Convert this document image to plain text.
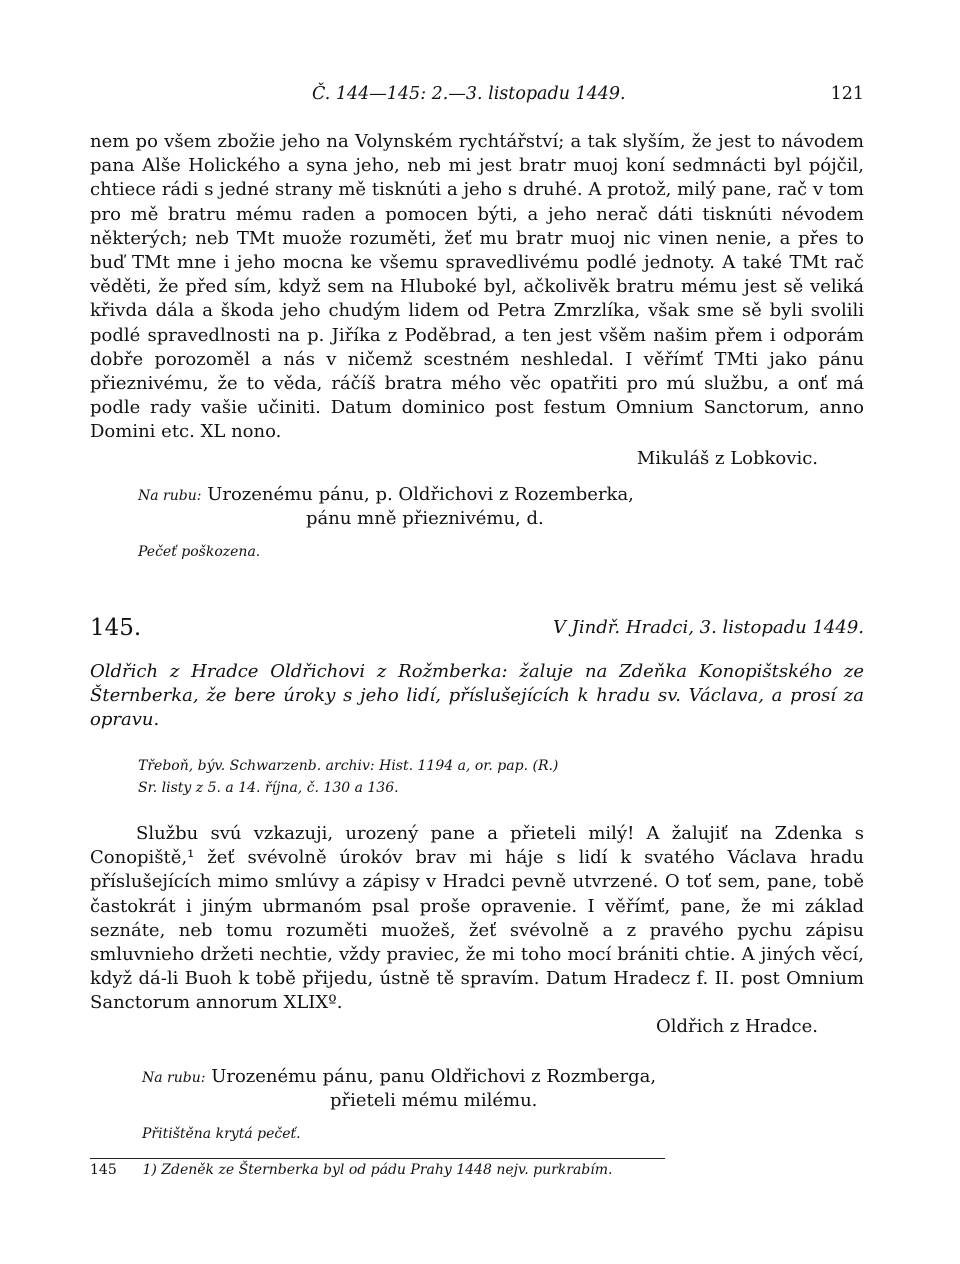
Č. 144—145: 2.—3. listopadu 1449.	121

nem po všem zbožie jeho na Volynském rychtářství; a tak slyším, že jest to návodem pana Alše Holického a syna jeho, neb mi jest bratr muoj koní sedmnácti byl pójčil, chtiece rádi s jedné strany mě tisknúti a jeho s druhé. A protož, milý pane, rač v tom pro mě bratru mému raden a pomocen býti, a jeho nerač dáti tisknúti névodem některých; neb TMt muože rozuměti, žeť mu bratr muoj nic vinen nenie, a přes to buď TMt mne i jeho mocna ke všemu spravedlivému podlé jednoty. A také TMt rač věděti, že před sím, když sem na Hluboké byl, ačkolivěk bratru mému jest sě veliká křivda dála a škoda jeho chudým lidem od Petra Zmrzlíka, však sme sě byli svolili podlé spravedlnosti na p. Jiříka z Poděbrad, a ten jest všěm našim přem i odporám dobře porozoměl a nás v ničemž scestném neshledal. I věřímť TMti jako pánu přieznivému, že to věda, ráčíš bratra mého věc opatřiti pro mú službu, a onť má podle rady vašie učiniti. Datum dominico post festum Omnium Sanctorum, anno Domini etc. XL nono.

Mikuláš z Lobkovic.
Na rubu: Urozenému pánu, p. Oldřichovi z Rozemberka,
pánu mně přieznivému, d.
Pečeť poškozena.
145.	V Jindř. Hradci, 3. listopadu 1449.

Oldřich z Hradce Oldřichovi z Rožmberka: žaluje na Zdeňka Konopištského ze Šternberka, že bere úroky s jeho lidí, příslušejících k hradu sv. Václava, a prosí za opravu.

Třeboň, býv. Schwarzenb. archiv: Hist. 1194 a, or. pap. (R.)
Sr. listy z 5. a 14. října, č. 130 a 136.

Službu svú vzkazuji, urozený pane a přieteli milý! A žalujiť na Zdenka s Conopiště,¹ žeť svévolně úrokóv brav mi háje s lidí k svatého Václava hradu příslušejících mimo smlúvy a zápisy v Hradci pevně utvrzené. O toť sem, pane, tobě častokrát i jiným ubrmanóm psal proše opravenie. I věřímť, pane, že mi základ seznáte, neb tomu rozuměti muožeš, žeť svévolně a z pravého pychu zápisu smluvnieho držeti nechtie, vždy praviec, že mi toho mocí brániti chtie. A jiných věcí, když dá-li Buoh k tobě přijedu, ústně tě spravím. Datum Hradecz f. II. post Omnium Sanctorum annorum XLIXº.

Oldřich z Hradce.
Na rubu: Urozenému pánu, panu Oldřichovi z Rozmberga,
přieteli mému milému.
Přitištěna krytá pečeť.
145 1) Zdeněk ze Šternberka byl od pádu Prahy 1448 nejv. purkrabím.
